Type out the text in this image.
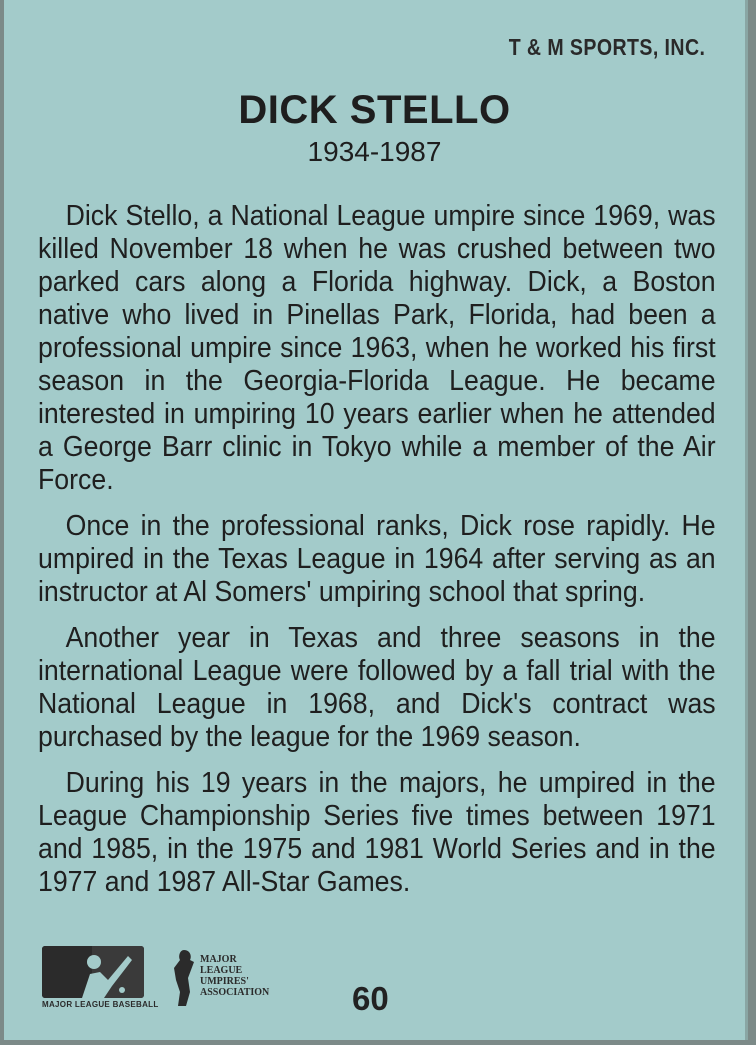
T & M SPORTS, INC.
DICK STELLO
1934-1987

Dick Stello, a National League umpire since 1969, was killed November 18 when he was crushed between two parked cars along a Florida highway. Dick, a Boston native who lived in Pinellas Park, Florida, had been a professional umpire since 1963, when he worked his first season in the Georgia-Florida League. He became interested in umpiring 10 years earlier when he attended a George Barr clinic in Tokyo while a member of the Air Force.

Once in the professional ranks, Dick rose rapidly. He umpired in the Texas League in 1964 after serving as an instructor at Al Somers' umpiring school that spring.

Another year in Texas and three seasons in the international League were followed by a fall trial with the National League in 1968, and Dick's contract was purchased by the league for the 1969 season.

During his 19 years in the majors, he umpired in the League Championship Series five times between 1971 and 1985, in the 1975 and 1981 World Series and in the 1977 and 1987 All-Star Games.

MAJOR LEAGUE BASEBALL
MAJOR LEAGUE
UMPIRES'
ASSOCIATION	60
